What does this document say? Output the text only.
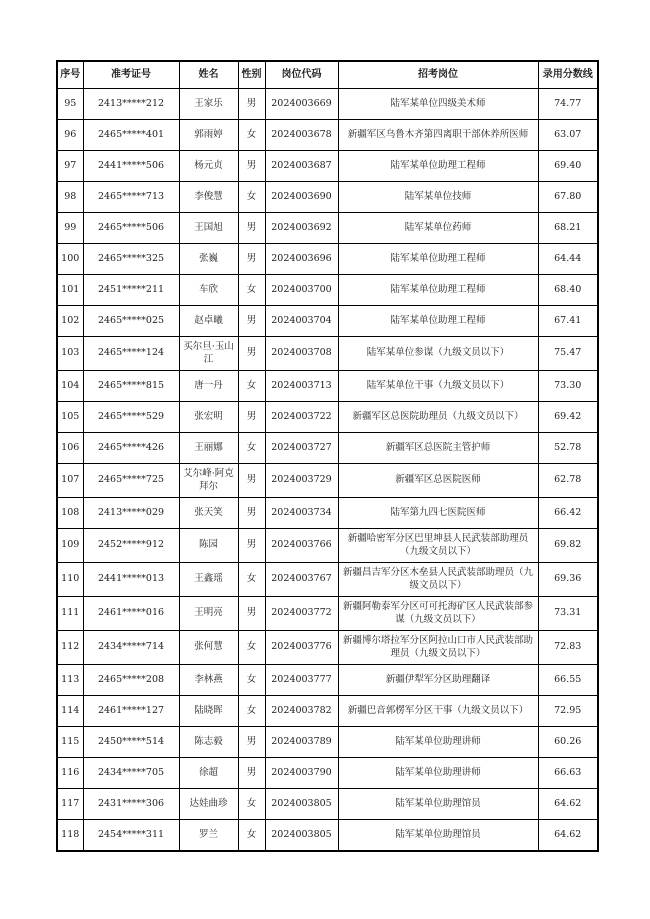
序号	准考证号	姓名	性别	岗位代码	招考岗位	录用分数线
95	2413*****212	王家乐	男	2024003669	陆军某单位四级美术师	74.77
96	2465*****401	郭雨婷	女	2024003678	新疆军区乌鲁木齐第四离职干部休养所医师	63.07
97	2441*****506	杨元贞	男	2024003687	陆军某单位助理工程师	69.40
98	2465*****713	李俊慧	女	2024003690	陆军某单位技师	67.80
99	2465*****506	王国旭	男	2024003692	陆军某单位药师	68.21
100	2465*****325	张巍	男	2024003696	陆军某单位助理工程师	64.44
101	2451*****211	车欣	女	2024003700	陆军某单位助理工程师	68.40
102	2465*****025	赵卓曦	男	2024003704	陆军某单位助理工程师	67.41
103	2465*****124	买尔旦·玉山江	男	2024003708	陆军某单位参谋（九级文员以下）	75.47
104	2465*****815	唐一丹	女	2024003713	陆军某单位干事（九级文员以下）	73.30
105	2465*****529	张宏明	男	2024003722	新疆军区总医院助理员（九级文员以下）	69.42
106	2465*****426	王丽娜	女	2024003727	新疆军区总医院主管护师	52.78
107	2465*****725	艾尔峰·阿克拜尔	男	2024003729	新疆军区总医院医师	62.78
108	2413*****029	张天笑	男	2024003734	陆军第九四七医院医师	66.42
109	2452*****912	陈园	男	2024003766	新疆哈密军分区巴里坤县人民武装部助理员（九级文员以下）	69.82
110	2441*****013	王鑫瑶	女	2024003767	新疆昌吉军分区木垒县人民武装部助理员（九级文员以下）	69.36
111	2461*****016	王明亮	男	2024003772	新疆阿勒泰军分区可可托海矿区人民武装部参谋（九级文员以下）	73.31
112	2434*****714	张何慧	女	2024003776	新疆博尔塔拉军分区阿拉山口市人民武装部助理员（九级文员以下）	72.83
113	2465*****208	李林燕	女	2024003777	新疆伊犁军分区助理翻译	66.55
114	2461*****127	陆晓晖	女	2024003782	新疆巴音郭楞军分区干事（九级文员以下）	72.95
115	2450*****514	陈志毅	男	2024003789	陆军某单位助理讲师	60.26
116	2434*****705	徐超	男	2024003790	陆军某单位助理讲师	66.63
117	2431*****306	达娃曲珍	女	2024003805	陆军某单位助理馆员	64.62
118	2454*****311	罗兰	女	2024003805	陆军某单位助理馆员	64.62
